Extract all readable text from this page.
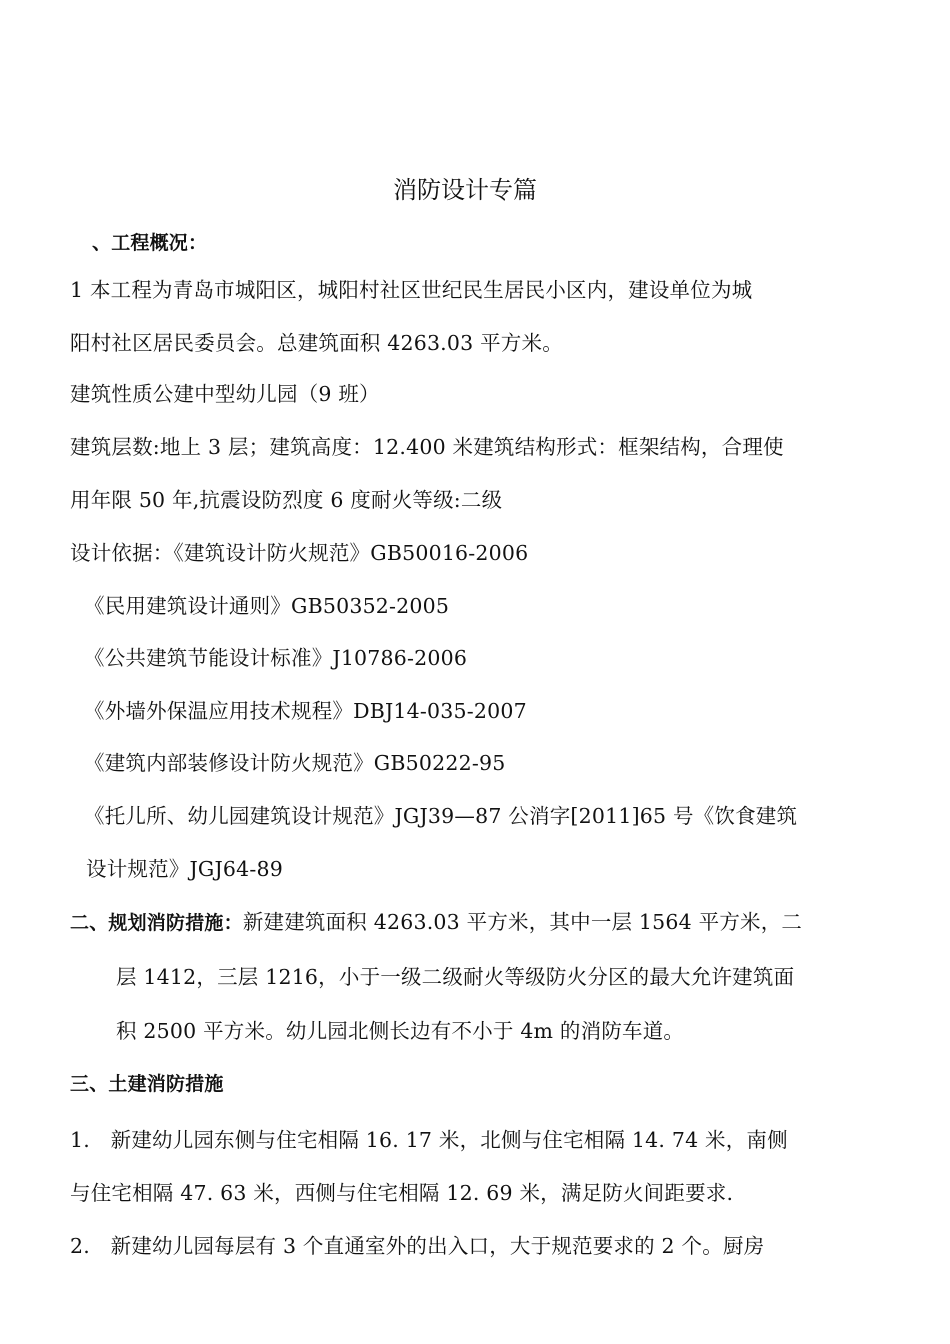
消防设计专篇
、工程概况：
1 本工程为青岛市城阳区，城阳村社区世纪民生居民小区内，建设单位为城
阳村社区居民委员会。总建筑面积 4263.03 平方米。
建筑性质公建中型幼儿园（9 班）
建筑层数:地上 3 层；建筑高度：12.400 米建筑结构形式：框架结构，合理使
用年限 50 年,抗震设防烈度 6 度耐火等级:二级
设计依据：《建筑设计防火规范》GB50016-2006
《民用建筑设计通则》GB50352-2005
《公共建筑节能设计标准》J10786-2006
《外墙外保温应用技术规程》DBJ14-035-2007
《建筑内部装修设计防火规范》GB50222-95
《托儿所、幼儿园建筑设计规范》JGJ39—87 公消字[2011]65 号《饮食建筑
设计规范》JGJ64-89
二、规划消防措施：新建建筑面积 4263.03 平方米，其中一层 1564 平方米，二
层 1412，三层 1216，小于一级二级耐火等级防火分区的最大允许建筑面
积 2500 平方米。幼儿园北侧长边有不小于 4m 的消防车道。
三、土建消防措施
1.　新建幼儿园东侧与住宅相隔 16. 17 米，北侧与住宅相隔 14. 74 米，南侧
与住宅相隔 47. 63 米，西侧与住宅相隔 12. 69 米，满足防火间距要求.
2.　新建幼儿园每层有 3 个直通室外的出入口，大于规范要求的 2 个。厨房
